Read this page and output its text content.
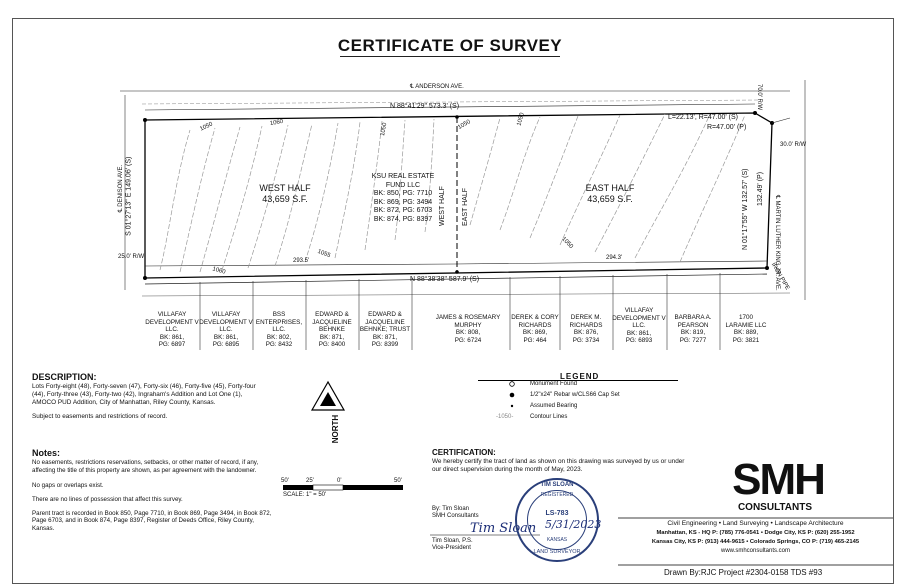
CERTIFICATE OF SURVEY
℄ ANDERSON AVE.
℄ DENISON AVE.
℄ MARTIN LUTHER KING JR. AVE.
70.0' R/W
25.0' R/W
30.0' R/W
N 88°41'29" 573.3' (S)
N 88°38'38" 587.9' (S)
S 01°27'13" E 149.06' (S)	N 01°17'55" W 132.57' (S) 132.49' (P)
L=22.13', R=47.00' (S)
R=47.00' (P)
293.5'	294.3'
IRON PIPE
WEST HALF
43,659 S.F.
EAST HALF
43,659 S.F.
KSU REAL ESTATE
FUND LLC
BK: 850, PG: 7710
BK: 869, PG: 3494
BK: 872, PG: 6703
BK: 874, PG: 8397 WEST HALF EAST HALF
1050	1050	1050	1050
1055
1060
1050
1060
VILLAFAY
DEVELOPMENT V
LLC.
BK: 861,
PG: 6897
VILLAFAY
DEVELOPMENT V
LLC.
BK: 861,
PG: 6895
BSS
ENTERPRISES,
LLC.
BK: 802,
PG: 8432
EDWARD &
JACQUELINE
BEHNKE
BK: 871,
PG: 8400
EDWARD &
JACQUELINE
BEHNKE; TRUST
BK: 871,
PG: 8399
JAMES & ROSEMARY
MURPHY
BK: 808,
PG: 6724
DEREK & CORY
RICHARDS
BK: 869,
PG: 464
DEREK M.
RICHARDS
BK: 876,
PG: 3734
VILLAFAY
DEVELOPMENT V
LLC.
BK: 861,
PG: 6893
BARBARA A.
PEARSON
BK: 819,
PG: 7277
1700
LARAMIE LLC
BK: 889,
PG: 3821
DESCRIPTION:
Lots Forty-eight (48), Forty-seven (47), Forty-six (46), Forty-five (45), Forty-four (44), Forty-three (43), Forty-two (42), Ingraham's Addition and Lot One (1), AMOCO PUD Addition, City of Manhattan, Riley County, Kansas.
Subject to easements and restrictions of record.	NORTH
Notes:
No easements, restrictions reservations, setbacks, or other matter of record, if any, affecting the title of this property are shown, as per agreement with the landowner.
No gaps or overlaps exist.
There are no lines of possession that affect this survey.
Parent tract is recorded in Book 850, Page 7710, in Book 869, Page 3494, in Book 872, Page 6703, and in Book 874, Page 8397, Register of Deeds Office, Riley County, Kansas.
50'	25'	0'	50'
SCALE: 1" = 50'
LEGEND
Monument Found
1/2"x24" Rebar w/CLS66 Cap Set
Assumed Bearing
-1050-	Contour Lines
CERTIFICATION:
We hereby certify the tract of land as shown on this drawing was surveyed by us or under our direct supervision during the month of May, 2023.
By: Tim Sloan
SMH Consultants
Tim Sloan
Tim Sloan, P.S.
Vice-President
TIM SLOAN
REGISTERED
LS-783
KANSAS
LAND SURVEYOR
5/31/2023
SMH
CONSULTANTS
Civil Engineering • Land Surveying • Landscape Architecture
Manhattan, KS - HQ P: (785) 776-0541 • Dodge City, KS P: (620) 255-1952
Kansas City, KS P: (913) 444-9615 • Colorado Springs, CO P: (719) 465-2145
www.smhconsultants.com
Drawn By:RJC Project #2304-0158 TDS #93
